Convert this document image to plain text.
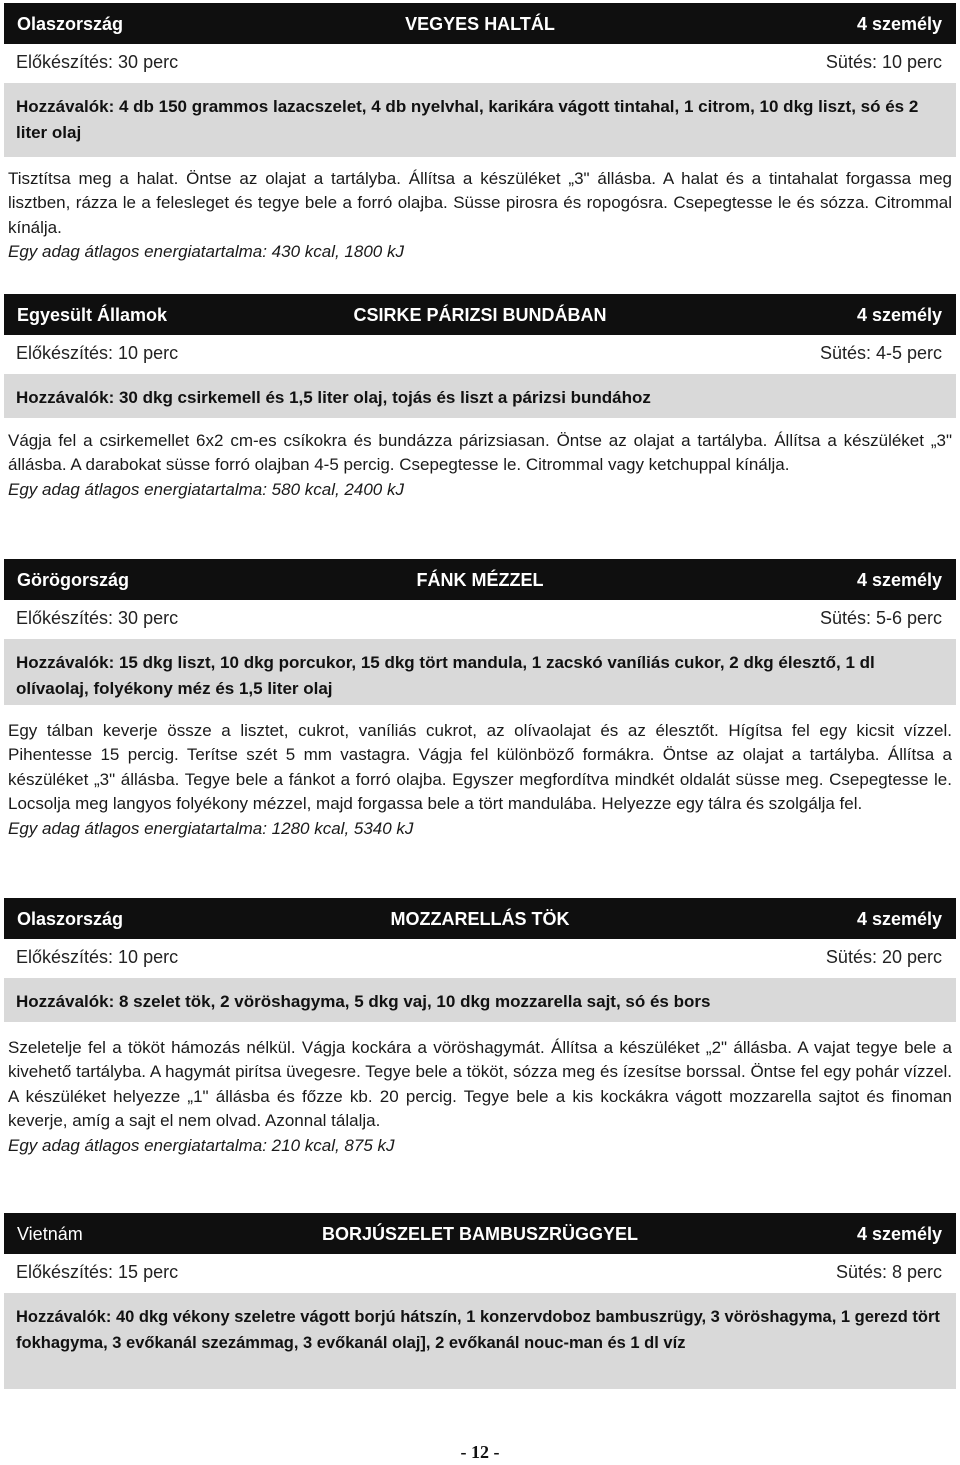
Olaszország	VEGYES HALTÁL	4 személy
Előkészítés: 30 perc	Sütés: 10 perc
Hozzávalók: 4 db 150 grammos lazacszelet, 4 db nyelvhal, karikára vágott tintahal, 1 citrom, 10 dkg liszt, só és 2 liter olaj
Tisztítsa meg a halat. Öntse az olajat a tartályba. Állítsa a készüléket „3" állásba. A halat és a tintahalat forgassa meg lisztben, rázza le a felesleget és tegye bele a forró olajba. Süsse pirosra és ropogósra. Csepegtesse le és sózza. Citrommal kínálja.
Egy adag átlagos energiatartalma: 430 kcal, 1800 kJ
Egyesült Államok	CSIRKE PÁRIZSI BUNDÁBAN	4 személy
Előkészítés: 10 perc	Sütés: 4-5 perc
Hozzávalók: 30 dkg csirkemell és 1,5 liter olaj, tojás és liszt a párizsi bundához
Vágja fel a csirkemellet 6x2 cm-es csíkokra és bundázza párizsiasan. Öntse az olajat a tartályba. Állítsa a készüléket „3" állásba. A darabokat süsse forró olajban 4-5 percig. Csepegtesse le. Citrommal vagy ketchuppal kínálja.
Egy adag átlagos energiatartalma: 580 kcal, 2400 kJ
Görögország	FÁNK MÉZZEL	4 személy
Előkészítés: 30 perc	Sütés: 5-6 perc
Hozzávalók: 15 dkg liszt, 10 dkg porcukor, 15 dkg tört mandula, 1 zacskó vaníliás cukor, 2 dkg élesztő, 1 dl olívaolaj, folyékony méz és 1,5 liter olaj
Egy tálban keverje össze a lisztet, cukrot, vaníliás cukrot, az olívaolajat és az élesztőt. Hígítsa fel egy kicsit vízzel. Pihentesse 15 percig. Terítse szét 5 mm vastagra. Vágja fel különböző formákra. Öntse az olajat a tartályba. Állítsa a készüléket „3" állásba. Tegye bele a fánkot a forró olajba. Egyszer megfordítva mindkét oldalát süsse meg. Csepegtesse le. Locsolja meg langyos folyékony mézzel, majd forgassa bele a tört mandulába. Helyezze egy tálra és szolgálja fel.
Egy adag átlagos energiatartalma: 1280 kcal, 5340 kJ
Olaszország	MOZZARELLÁS TÖK	4 személy
Előkészítés: 10 perc	Sütés: 20 perc
Hozzávalók: 8 szelet tök, 2 vöröshagyma, 5 dkg vaj, 10 dkg mozzarella sajt, só és bors
Szeletelje fel a tököt hámozás nélkül. Vágja kockára a vöröshagymát. Állítsa a készüléket „2" állásba. A vajat tegye bele a kivehető tartályba. A hagymát pirítsa üvegesre. Tegye bele a tököt, sózza meg és ízesítse borssal. Öntse fel egy pohár vízzel. A készüléket helyezze „1" állásba és főzze kb. 20 percig. Tegye bele a kis kockákra vágott mozzarella sajtot és finoman keverje, amíg a sajt el nem olvad. Azonnal tálalja.
Egy adag átlagos energiatartalma: 210 kcal, 875 kJ
Vietnám	BORJÚSZELET BAMBUSZRÜGGYEL	4 személy
Előkészítés: 15 perc	Sütés: 8 perc
Hozzávalók: 40 dkg vékony szeletre vágott borjú hátszín, 1 konzervdoboz bambuszrügy, 3 vöröshagyma, 1 gerezd tört fokhagyma, 3 evőkanál szezámmag, 3 evőkanál olaj], 2 evőkanál nouc-man és 1 dl víz
- 12 -
